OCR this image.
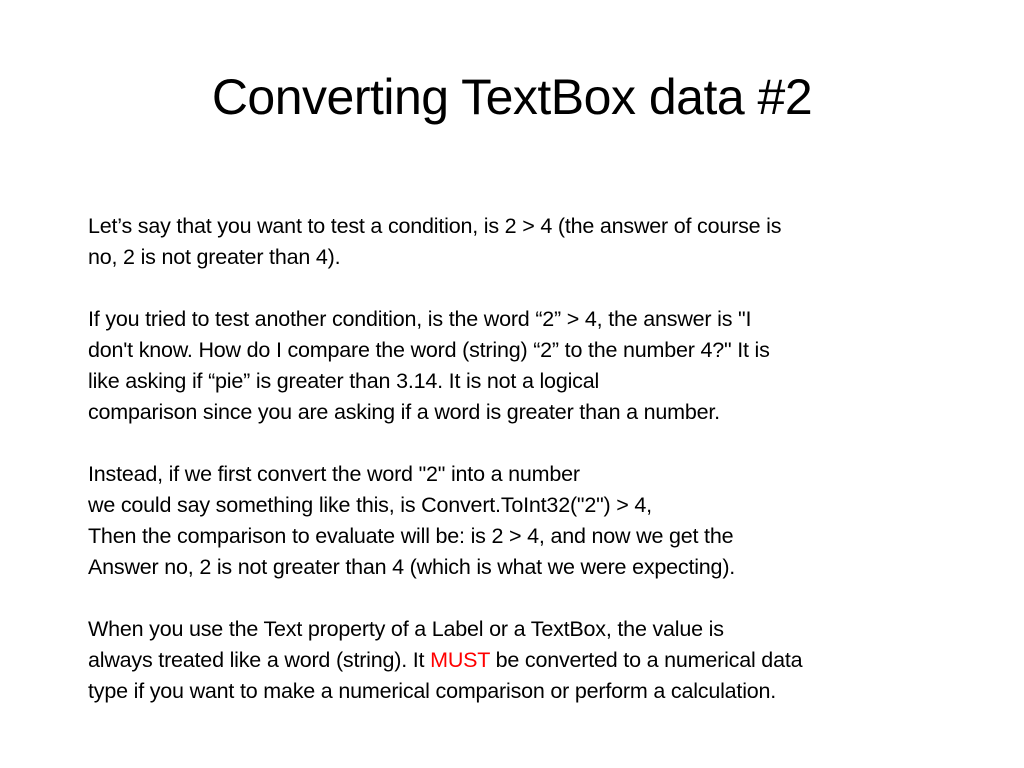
Converting TextBox data #2

Let’s say that you want to test a condition, is 2 > 4 (the answer of course is
no, 2 is not greater than 4).

If you tried to test another condition, is the word “2” > 4, the answer is "I
don't know. How do I compare the word (string) “2” to the number 4?" It is
like asking if “pie” is greater than 3.14. It is not a logical
comparison since you are asking if a word is greater than a number.

Instead, if we first convert the word "2" into a number
we could say something like this, is Convert.ToInt32("2") > 4,
Then the comparison to evaluate will be: is 2 > 4, and now we get the
Answer no, 2 is not greater than 4 (which is what we were expecting).

When you use the Text property of a Label or a TextBox, the value is
always treated like a word (string). It MUST be converted to a numerical data
type if you want to make a numerical comparison or perform a calculation.
